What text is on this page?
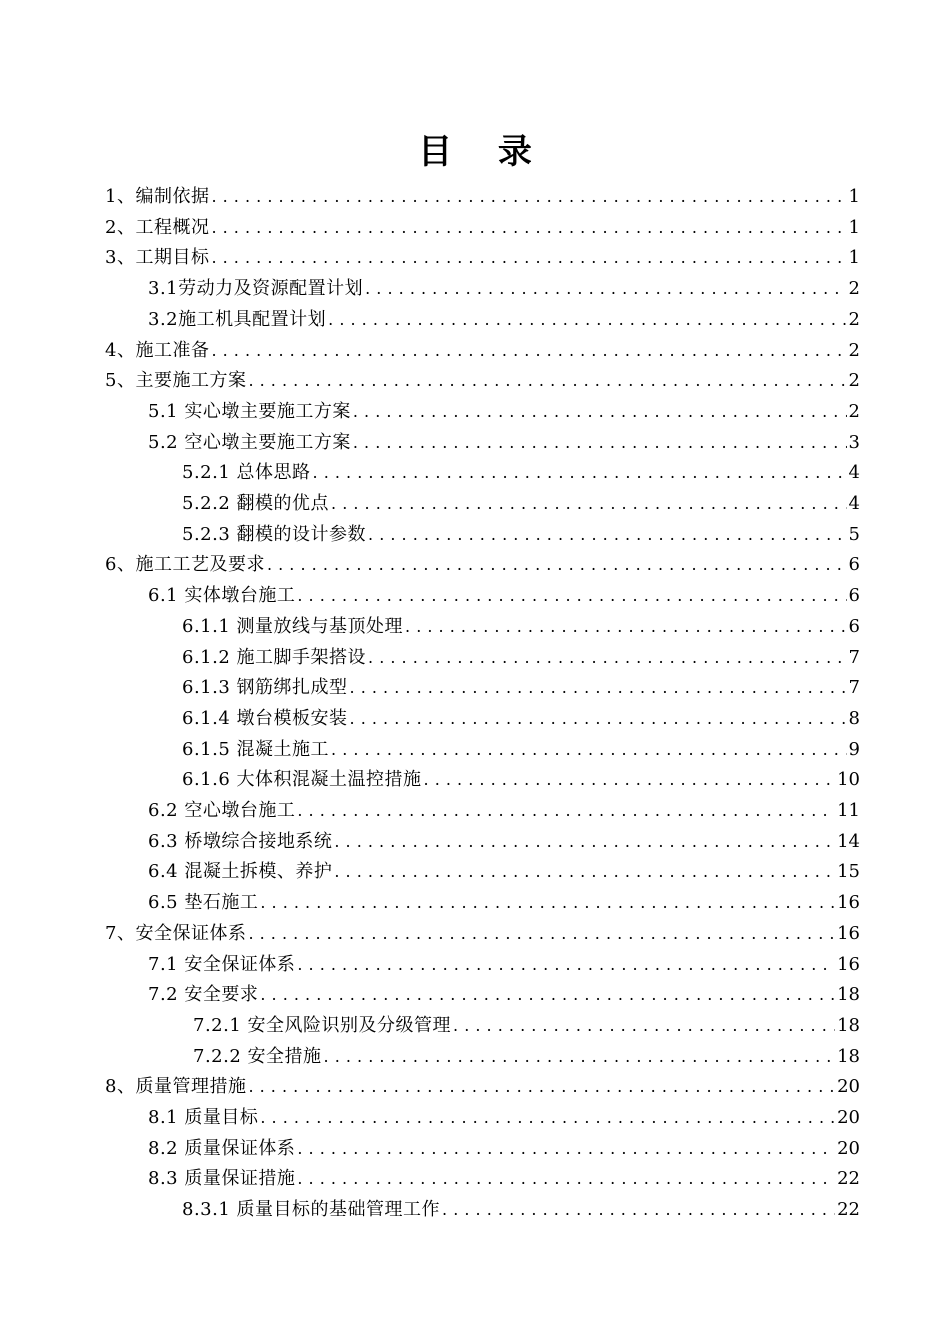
目 录
1、编制依据 . . .	1
2、工程概况 . . .	1
3、工期目标 . . .	1
3.1劳动力及资源配置计划 . . .	2
3.2施工机具配置计划 . . .	2
4、施工准备 . . .	2
5、主要施工方案 . . .	2
5.1 实心墩主要施工方案 . . .	2
5.2 空心墩主要施工方案 . . .	3
5.2.1 总体思路 . . .	4
5.2.2 翻模的优点 . . .	4
5.2.3 翻模的设计参数 . . .	5
6、施工工艺及要求 . . .	6
6.1 实体墩台施工 . . .	6
6.1.1 测量放线与基顶处理 . . .	6
6.1.2 施工脚手架搭设 . . .	7
6.1.3 钢筋绑扎成型 . . .	7
6.1.4 墩台模板安装 . . .	8
6.1.5 混凝土施工 . . .	9
6.1.6 大体积混凝土温控措施 . . .	10
6.2 空心墩台施工 . . .	11
6.3 桥墩综合接地系统 . . .	14
6.4 混凝土拆模、养护 . . .	15
6.5 垫石施工 . . .	16
7、安全保证体系 . . .	16
7.1 安全保证体系 . . .	16
7.2 安全要求 . . .	18
7.2.1 安全风险识别及分级管理 . . .	18
7.2.2 安全措施 . . .	18
8、质量管理措施 . . .	20
8.1 质量目标 . . .	20
8.2 质量保证体系 . . .	20
8.3 质量保证措施 . . .	22
8.3.1 质量目标的基础管理工作 . . .	22
